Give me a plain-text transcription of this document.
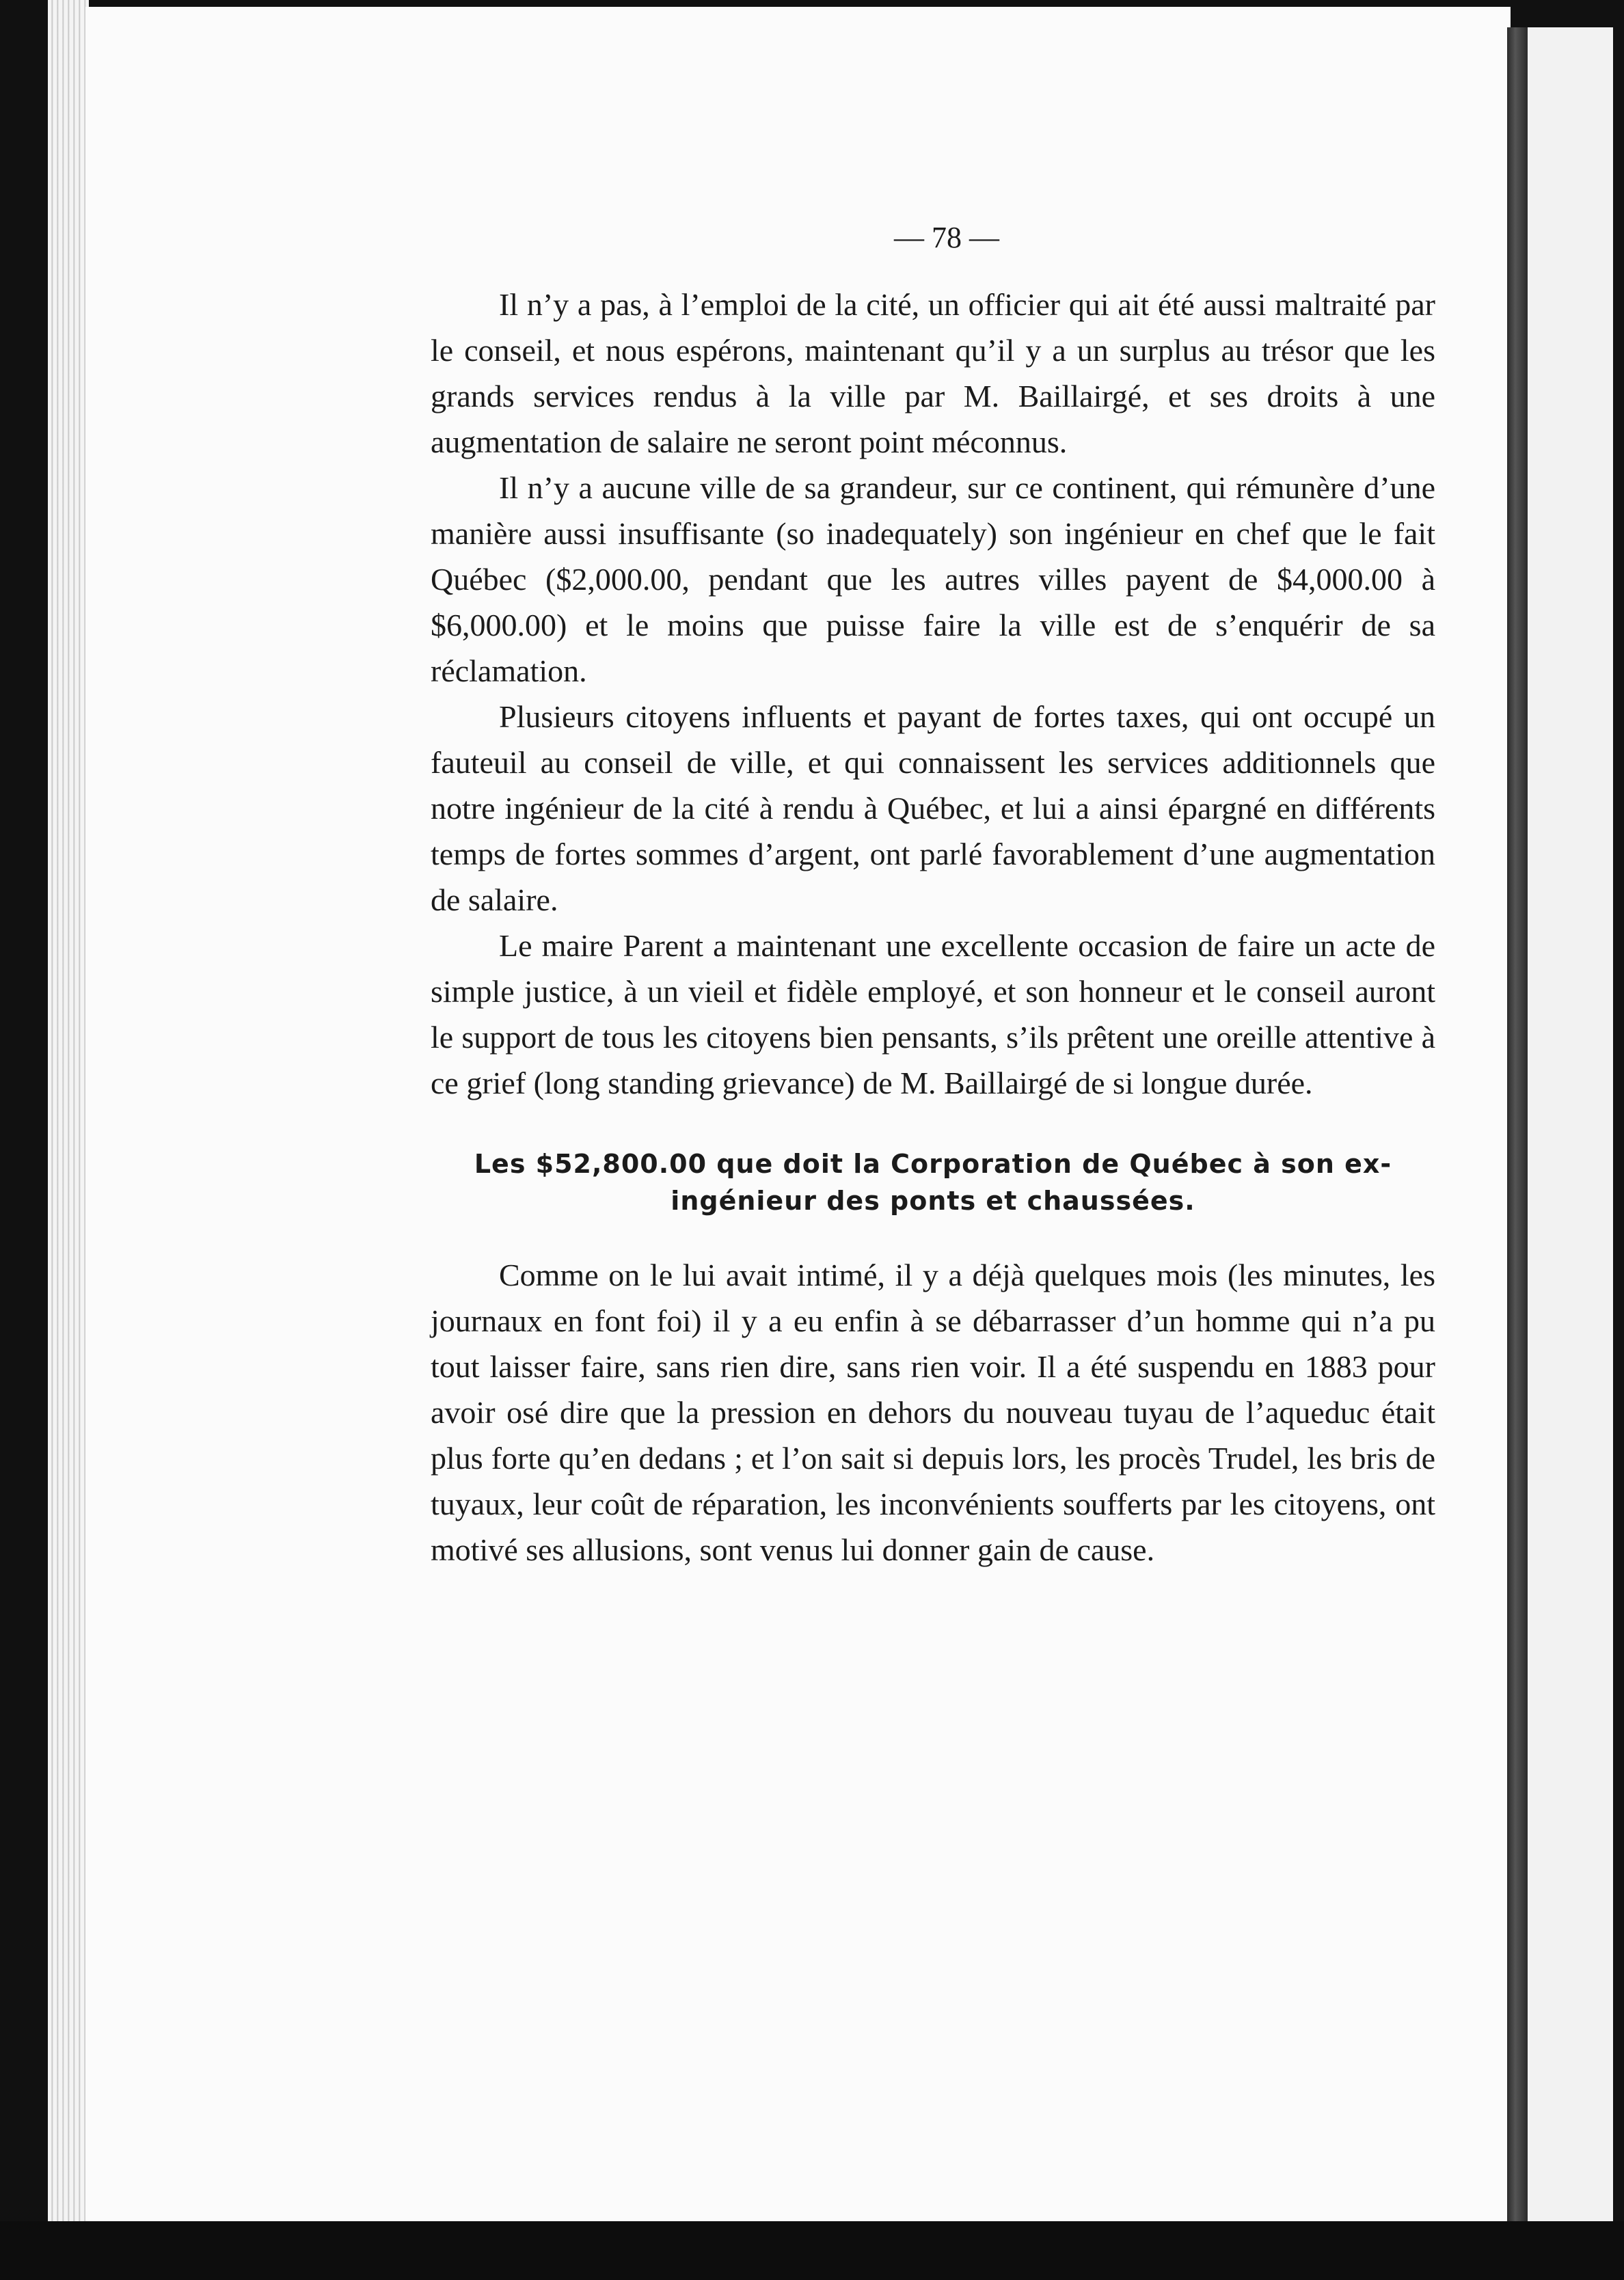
— 78 —

Il n’y a pas, à l’emploi de la cité, un officier qui ait été aussi maltraité par le conseil, et nous espérons, maintenant qu’il y a un surplus au trésor que les grands services rendus à la ville par M. Baillairgé, et ses droits à une augmentation de salaire ne seront point méconnus.

Il n’y a aucune ville de sa grandeur, sur ce continent, qui rémunère d’une manière aussi insuffisante (so inadequately) son ingénieur en chef que le fait Québec ($2,000.00, pendant que les autres villes payent de $4,000.00 à $6,000.00) et le moins que puisse faire la ville est de s’enquérir de sa réclamation.

Plusieurs citoyens influents et payant de fortes taxes, qui ont occupé un fauteuil au conseil de ville, et qui connaissent les services additionnels que notre ingénieur de la cité à rendu à Québec, et lui a ainsi épargné en différents temps de fortes sommes d’argent, ont parlé favorablement d’une augmentation de salaire.

Le maire Parent a maintenant une excellente occasion de faire un acte de simple justice, à un vieil et fidèle employé, et son honneur et le conseil auront le support de tous les citoyens bien pensants, s’ils prêtent une oreille attentive à ce grief (long standing grievance) de M. Baillairgé de si longue durée.

Les $52,800.00 que doit la Corporation de Québec à son ex-ingénieur des ponts et chaussées.

Comme on le lui avait intimé, il y a déjà quelques mois (les minutes, les journaux en font foi) il y a eu enfin à se débarrasser d’un homme qui n’a pu tout laisser faire, sans rien dire, sans rien voir. Il a été suspendu en 1883 pour avoir osé dire que la pression en dehors du nouveau tuyau de l’aqueduc était plus forte qu’en dedans ; et l’on sait si depuis lors, les procès Trudel, les bris de tuyaux, leur coût de réparation, les inconvénients soufferts par les citoyens, ont motivé ses allusions, sont venus lui donner gain de cause.
